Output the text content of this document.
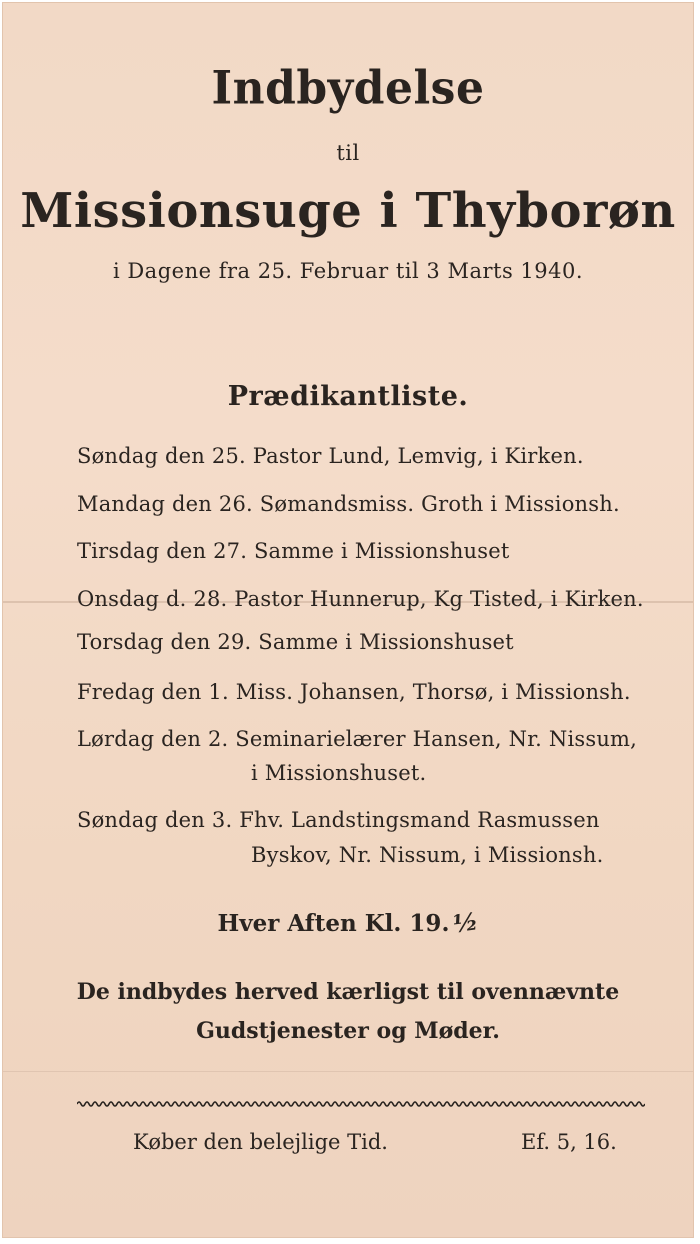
Indbydelse
til
Missionsuge i Thyborøn
i Dagene fra 25. Februar til 3 Marts 1940.
Prædikantliste.
Søndag den 25. Pastor Lund, Lemvig, i Kirken.
Mandag den 26. Sømandsmiss. Groth i Missionsh.
Tirsdag den 27. Samme i Missionshuset
Onsdag d. 28. Pastor Hunnerup, Kg Tisted, i Kirken.
Torsdag den 29. Samme i Missionshuset
Fredag den 1. Miss. Johansen, Thorsø, i Missionsh.
Lørdag den 2. Seminarielærer Hansen, Nr. Nissum,
i Missionshuset.
Søndag den 3. Fhv. Landstingsmand Rasmussen
Byskov, Nr. Nissum, i Missionsh.
Hver Aften Kl. 19.½
De indbydes herved kærligst til ovennævnte
Gudstjenester og Møder.
Køber den belejlige Tid.	Ef. 5, 16.
